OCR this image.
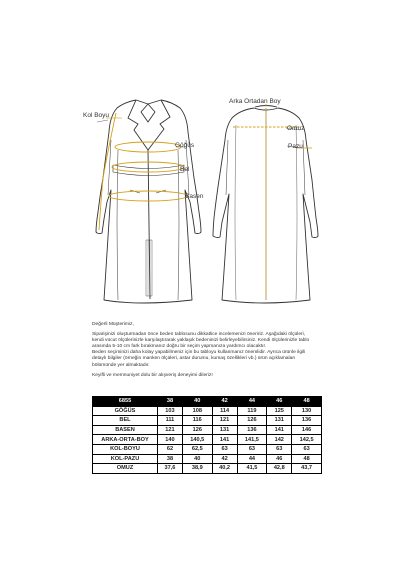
Kol Boyu
Göğüs
Bel
Basen
Arka Ortadan Boy
Omuz
Pazu

Değerli Müşterimiz,

Siparişinizi oluşturmadan önce beden tablosunu dikkatlice incelemenizi öneririz. Aşağıdaki ölçüleri, kendi vücut ölçülerinizle karşılaştırarak yaklaşık bedeninizi belirleyebilirsiniz. Kendi ölçülerinizle tablo arasında 5-10 cm fark bırakmanız doğru bir seçim yapmanıza yardımcı olacaktır.

Beden seçiminizi daha kolay yapabilmeniz için bu tabloyu kullanmanız önemlidir. Ayrıca ürünle ilgili detaylı bilgiler (örneğin manken ölçüleri, astar durumu, kumaş özellikleri vb.) ürün açıklamaları bölümünde yer almaktadır.

Keyifli ve memnuniyet dolu bir alışveriş deneyimi dileriz!

6855	38	40	42	44	46	48
GÖĞÜS	103	108	114	119	125	130
BEL	111	116	121	126	131	136
BASEN	121	126	131	136	141	146
ARKA-ORTA-BOY	140	140,5	141	141,5	142	142,5
KOL-BOYU	62	62,5	63	63	63	63
KOL-PAZU	38	40	42	44	46	48
OMUZ	37,6	38,9	40,2	41,5	42,8	43,7
